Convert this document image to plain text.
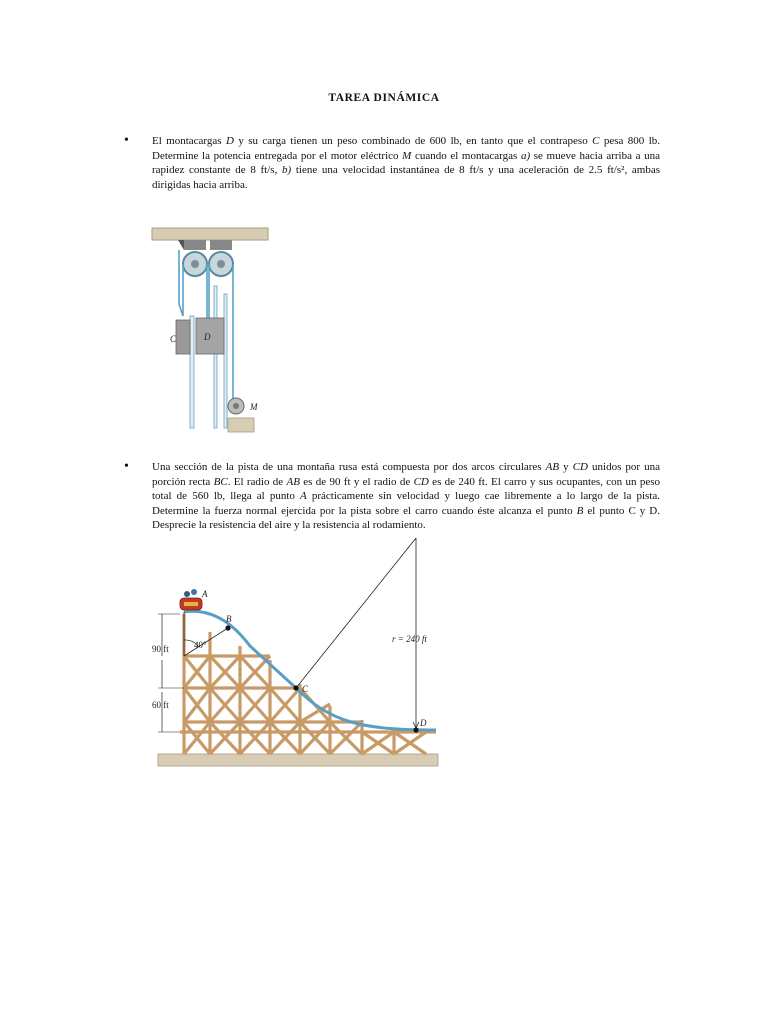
TAREA DINÁMICA
• El montacargas D y su carga tienen un peso combinado de 600 lb, en tanto que el contrapeso C pesa 800 lb. Determine la potencia entregada por el motor eléctrico M cuando el montacargas a) se mueve hacia arriba a una rapidez constante de 8 ft/s, b) tiene una velocidad instantánea de 8 ft/s y una aceleración de 2.5 ft/s², ambas dirigidas hacia arriba.
C	D
M
• Una sección de la pista de una montaña rusa está compuesta por dos arcos circulares AB y CD unidos por una porción recta BC. El radio de AB es de 90 ft y el radio de CD es de 240 ft. El carro y sus ocupantes, con un peso total de 560 lb, llega al punto A prácticamente sin velocidad y luego cae libremente a lo largo de la pista. Determine la fuerza normal ejercida por la pista sobre el carro cuando éste alcanza el punto B el punto C y D. Desprecie la resistencia del aire y la resistencia al rodamiento.
A
B
C
D
90 ft
60 ft
40°
r = 240 ft
